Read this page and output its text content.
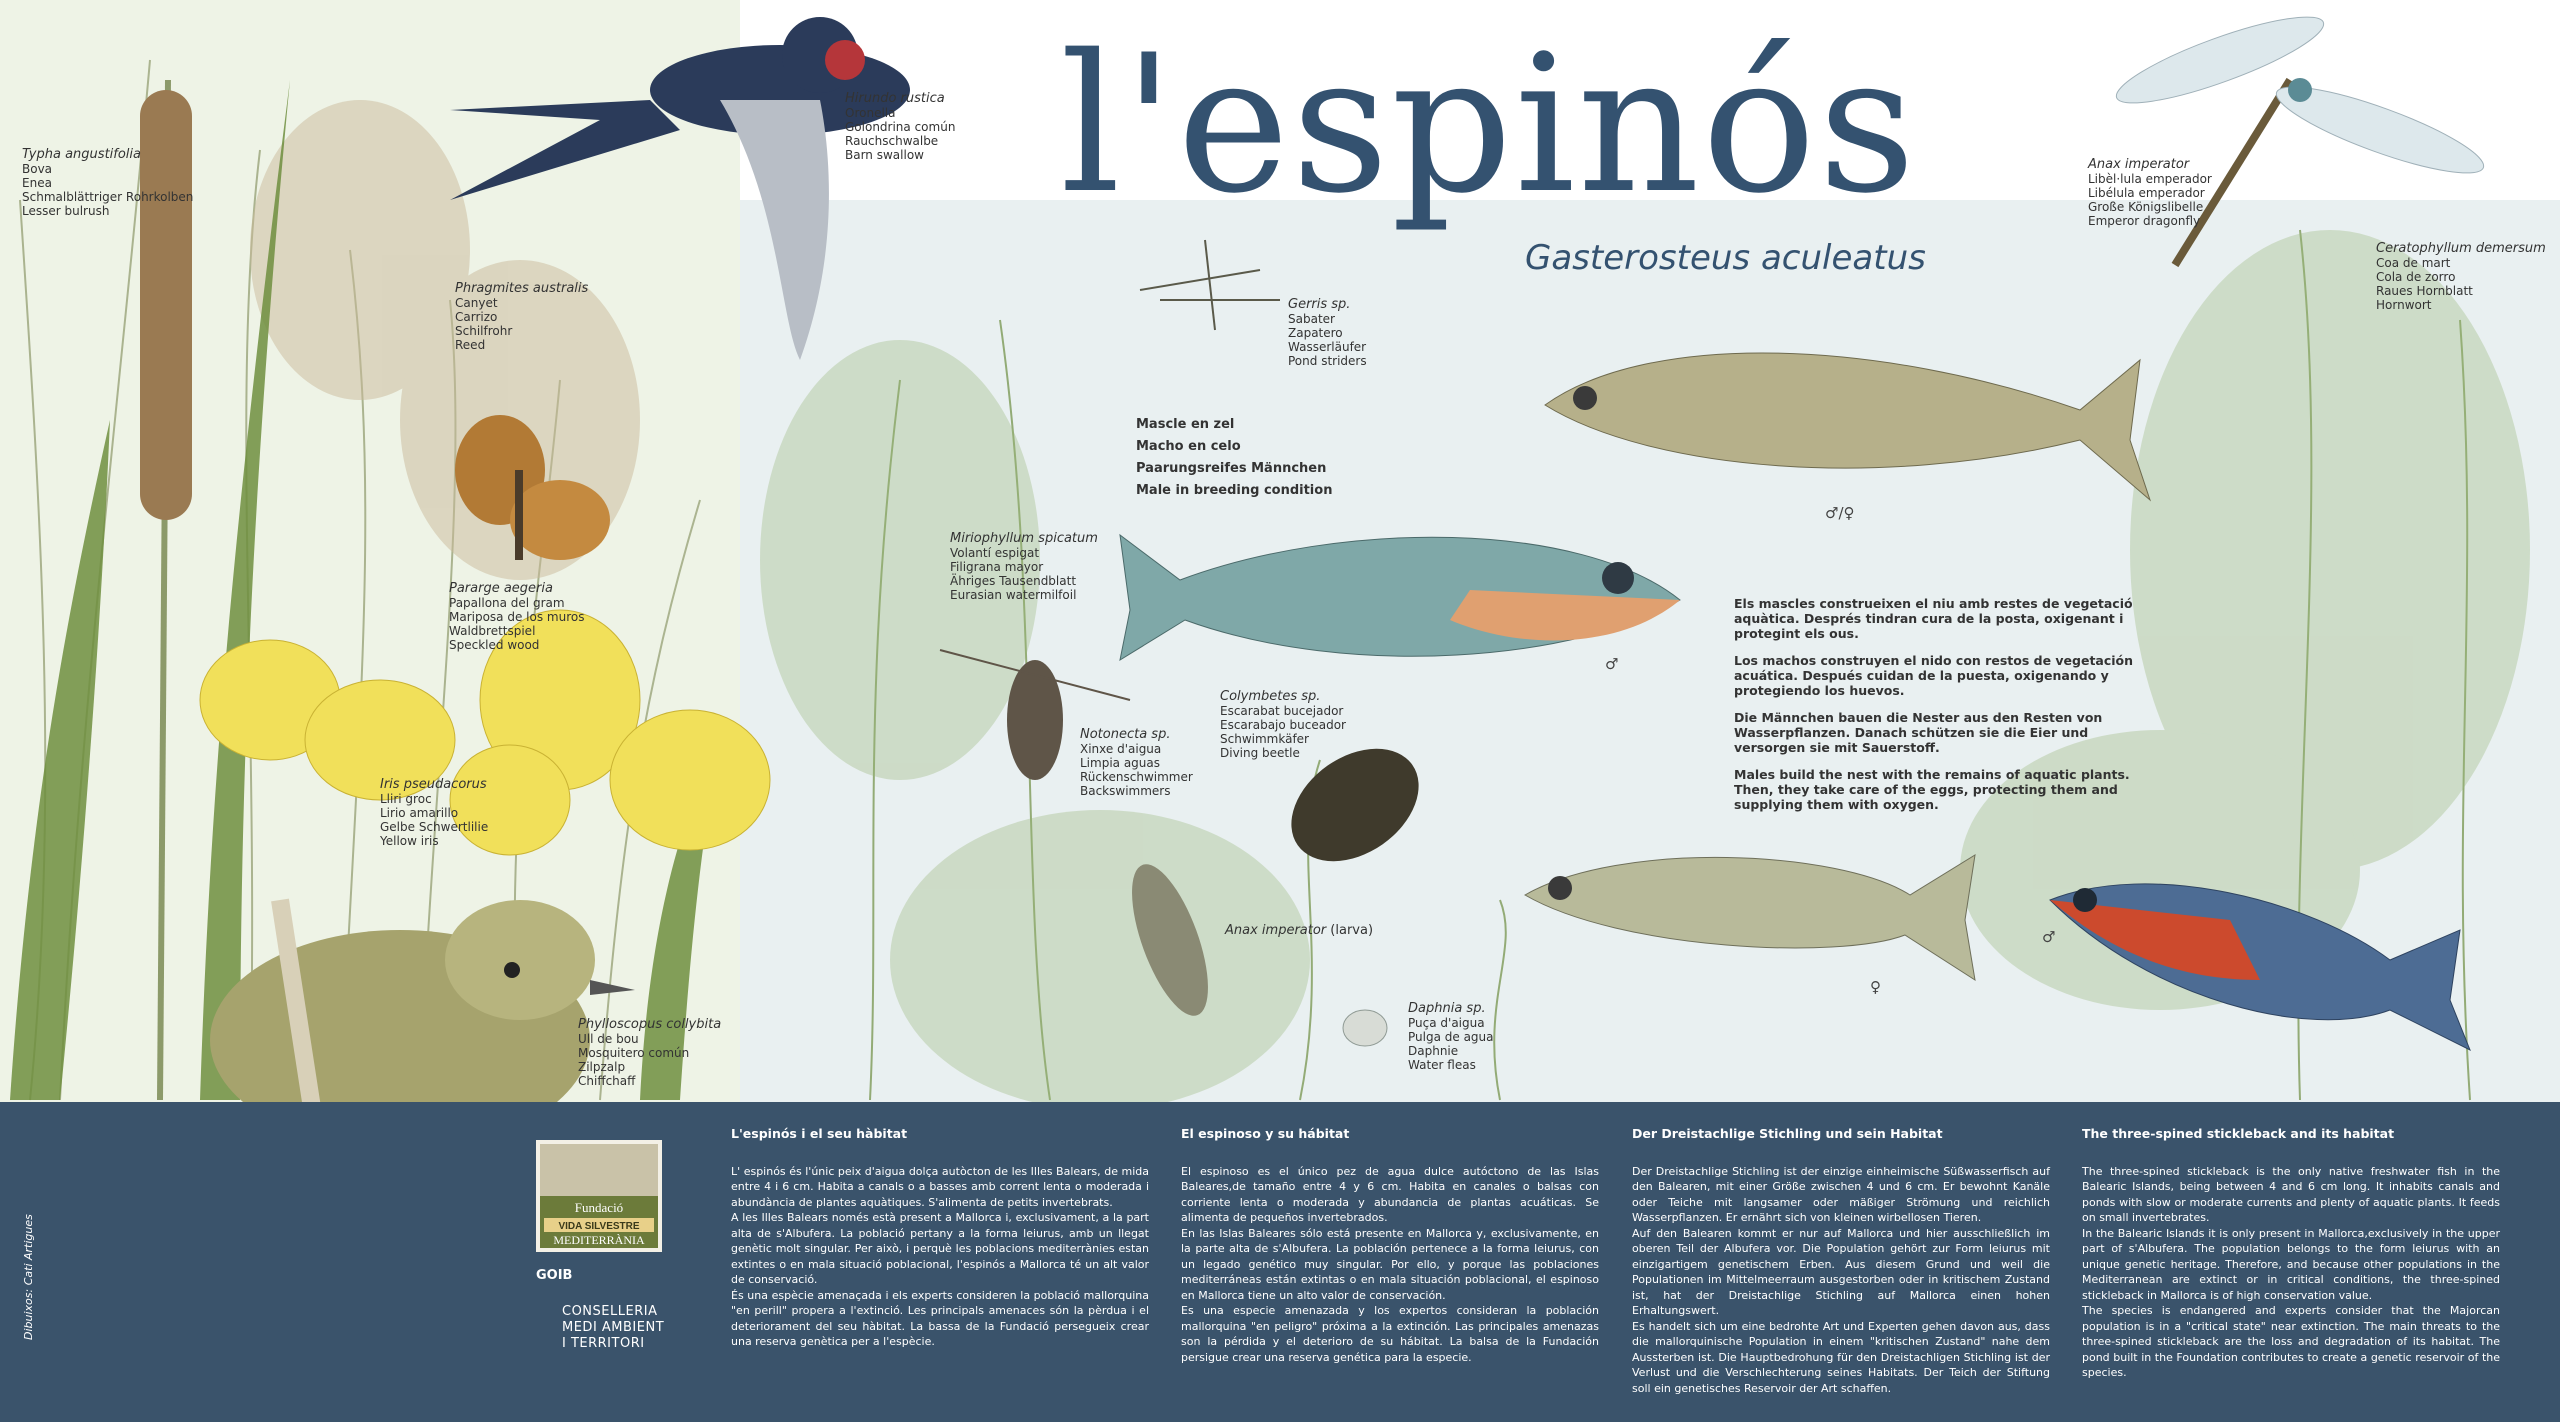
l'espinós
Gasterosteus aculeatus
Typha angustifolia
Bova
Enea
Schmalblättriger Rohrkolben
Lesser bulrush
Hirundo rustica
Oronella
Golondrina común
Rauchschwalbe
Barn swallow
Phragmites australis
Canyet
Carrizo
Schilfrohr
Reed
Pararge aegeria
Papallona del gram
Mariposa de los muros
Waldbrettspiel
Speckled wood
Iris pseudacorus
Lliri groc
Lirio amarillo
Gelbe Schwertlilie
Yellow iris
Phylloscopus collybita
Ull de bou
Mosquitero común
Zilpzalp
Chiffchaff
Gerris sp.
Sabater
Zapatero
Wasserläufer
Pond striders
Miriophyllum spicatum
Volantí espigat
Filigrana mayor
Ähriges Tausendblatt
Eurasian watermilfoil
Notonecta sp.
Xinxe d'aigua
Limpia aguas
Rückenschwimmer
Backswimmers
Colymbetes sp.
Escarabat bucejador
Escarabajo buceador
Schwimmkäfer
Diving beetle
Anax imperator (larva)
Daphnia sp.
Puça d'aigua
Pulga de agua
Daphnie
Water fleas
Anax imperator
Libèl·lula emperador
Libélula emperador
Große Königslibelle
Emperor dragonfly
Ceratophyllum demersum
Coa de mart
Cola de zorro
Raues Hornblatt
Hornwort
Mascle en zel
Macho en celo
Paarungsreifes Männchen
Male in breeding condition
♂/♀
♂
♀
♂

Els mascles construeixen el niu amb restes de vegetació aquàtica. Després tindran cura de la posta, oxigenant i protegint els ous.

Los machos construyen el nido con restos de vegetación acuática. Después cuidan de la puesta, oxigenando y protegiendo los huevos.

Die Männchen bauen die Nester aus den Resten von Wasserpflanzen. Danach schützen sie die Eier und versorgen sie mit Sauerstoff.

Males build the nest with the remains of aquatic plants. Then, they take care of the eggs, protecting them and supplying them with oxygen.

Dibuixos: Cati Artigues
Fundació
VIDA SILVESTRE
MEDITERRÀNIA
GOIB
CONSELLERIA
MEDI AMBIENT
I TERRITORI
L'espinós i el seu hàbitat

L' espinós és l'únic peix d'aigua dolça autòcton de les Illes Balears, de mida entre 4 i 6 cm. Habita a canals o a basses amb corrent lenta o moderada i abundància de plantes aquàtiques. S'alimenta de petits invertebrats.

A les Illes Balears només està present a Mallorca i, exclusivament, a la part alta de s'Albufera. La població pertany a la forma leiurus, amb un llegat genètic molt singular. Per això, i perquè les poblacions mediterrànies estan extintes o en mala situació poblacional, l'espinós a Mallorca té un alt valor de conservació.

És una espècie amenaçada i els experts consideren la població mallorquina "en perill" propera a l'extinció. Les principals amenaces són la pèrdua i el deteriorament del seu hàbitat. La bassa de la Fundació persegueix crear una reserva genètica per a l'espècie.

El espinoso y su hábitat

El espinoso es el único pez de agua dulce autóctono de las Islas Baleares,de tamaño entre 4 y 6 cm. Habita en canales o balsas con corriente lenta o moderada y abundancia de plantas acuáticas. Se alimenta de pequeños invertebrados.

En las Islas Baleares sólo está presente en Mallorca y, exclusivamente, en la parte alta de s'Albufera. La población pertenece a la forma leiurus, con un legado genético muy singular. Por ello, y porque las poblaciones mediterráneas están extintas o en mala situación poblacional, el espinoso en Mallorca tiene un alto valor de conservación.

Es una especie amenazada y los expertos consideran la población mallorquina "en peligro" próxima a la extinción. Las principales amenazas son la pérdida y el deterioro de su hábitat. La balsa de la Fundación persigue crear una reserva genética para la especie.

Der Dreistachlige Stichling und sein Habitat

Der Dreistachlige Stichling ist der einzige einheimische Süßwasserfisch auf den Balearen, mit einer Größe zwischen 4 und 6 cm. Er bewohnt Kanäle oder Teiche mit langsamer oder mäßiger Strömung und reichlich Wasserpflanzen. Er ernährt sich von kleinen wirbellosen Tieren.

Auf den Balearen kommt er nur auf Mallorca und hier ausschließlich im oberen Teil der Albufera vor. Die Population gehört zur Form leiurus mit einzigartigem genetischem Erben. Aus diesem Grund und weil die Populationen im Mittelmeerraum ausgestorben oder in kritischem Zustand ist, hat der Dreistachlige Stichling auf Mallorca einen hohen Erhaltungswert.

Es handelt sich um eine bedrohte Art und Experten gehen davon aus, dass die mallorquinische Population in einem "kritischen Zustand" nahe dem Aussterben ist. Die Hauptbedrohung für den Dreistachligen Stichling ist der Verlust und die Verschlechterung seines Habitats. Der Teich der Stiftung soll ein genetisches Reservoir der Art schaffen.

The three-spined stickleback and its habitat

The three-spined stickleback is the only native freshwater fish in the Balearic Islands, being between 4 and 6 cm long. It inhabits canals and ponds with slow or moderate currents and plenty of aquatic plants. It feeds on small invertebrates.

In the Balearic Islands it is only present in Mallorca,exclusively in the upper part of s'Albufera. The population belongs to the form leiurus with an unique genetic heritage. Therefore, and because other populations in the Mediterranean are extinct or in critical conditions, the three-spined stickleback in Mallorca is of high conservation value.

The species is endangered and experts consider that the Majorcan population is in a "critical state" near extinction. The main threats to the three-spined stickleback are the loss and degradation of its habitat. The pond built in the Foundation contributes to create a genetic reservoir of the species.
